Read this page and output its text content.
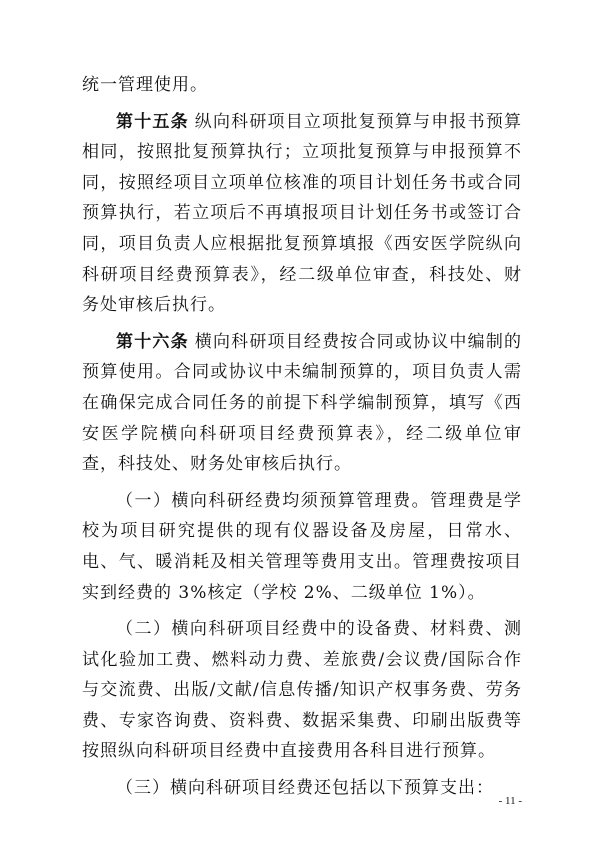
统一管理使用。

第十五条 纵向科研项目立项批复预算与申报书预算相同，按照批复预算执行；立项批复预算与申报预算不同，按照经项目立项单位核准的项目计划任务书或合同预算执行，若立项后不再填报项目计划任务书或签订合同，项目负责人应根据批复预算填报《西安医学院纵向科研项目经费预算表》，经二级单位审查，科技处、财务处审核后执行。

第十六条 横向科研项目经费按合同或协议中编制的预算使用。合同或协议中未编制预算的，项目负责人需在确保完成合同任务的前提下科学编制预算，填写《西安医学院横向科研项目经费预算表》，经二级单位审查，科技处、财务处审核后执行。

（一）横向科研经费均须预算管理费。管理费是学校为项目研究提供的现有仪器设备及房屋，日常水、电、气、暖消耗及相关管理等费用支出。管理费按项目实到经费的 3%核定（学校 2%、二级单位 1%）。

（二）横向科研项目经费中的设备费、材料费、测试化验加工费、燃料动力费、差旅费/会议费/国际合作与交流费、出版/文献/信息传播/知识产权事务费、劳务费、专家咨询费、资料费、数据采集费、印刷出版费等按照纵向科研项目经费中直接费用各科目进行预算。

（三）横向科研项目经费还包括以下预算支出：

- 11 -
